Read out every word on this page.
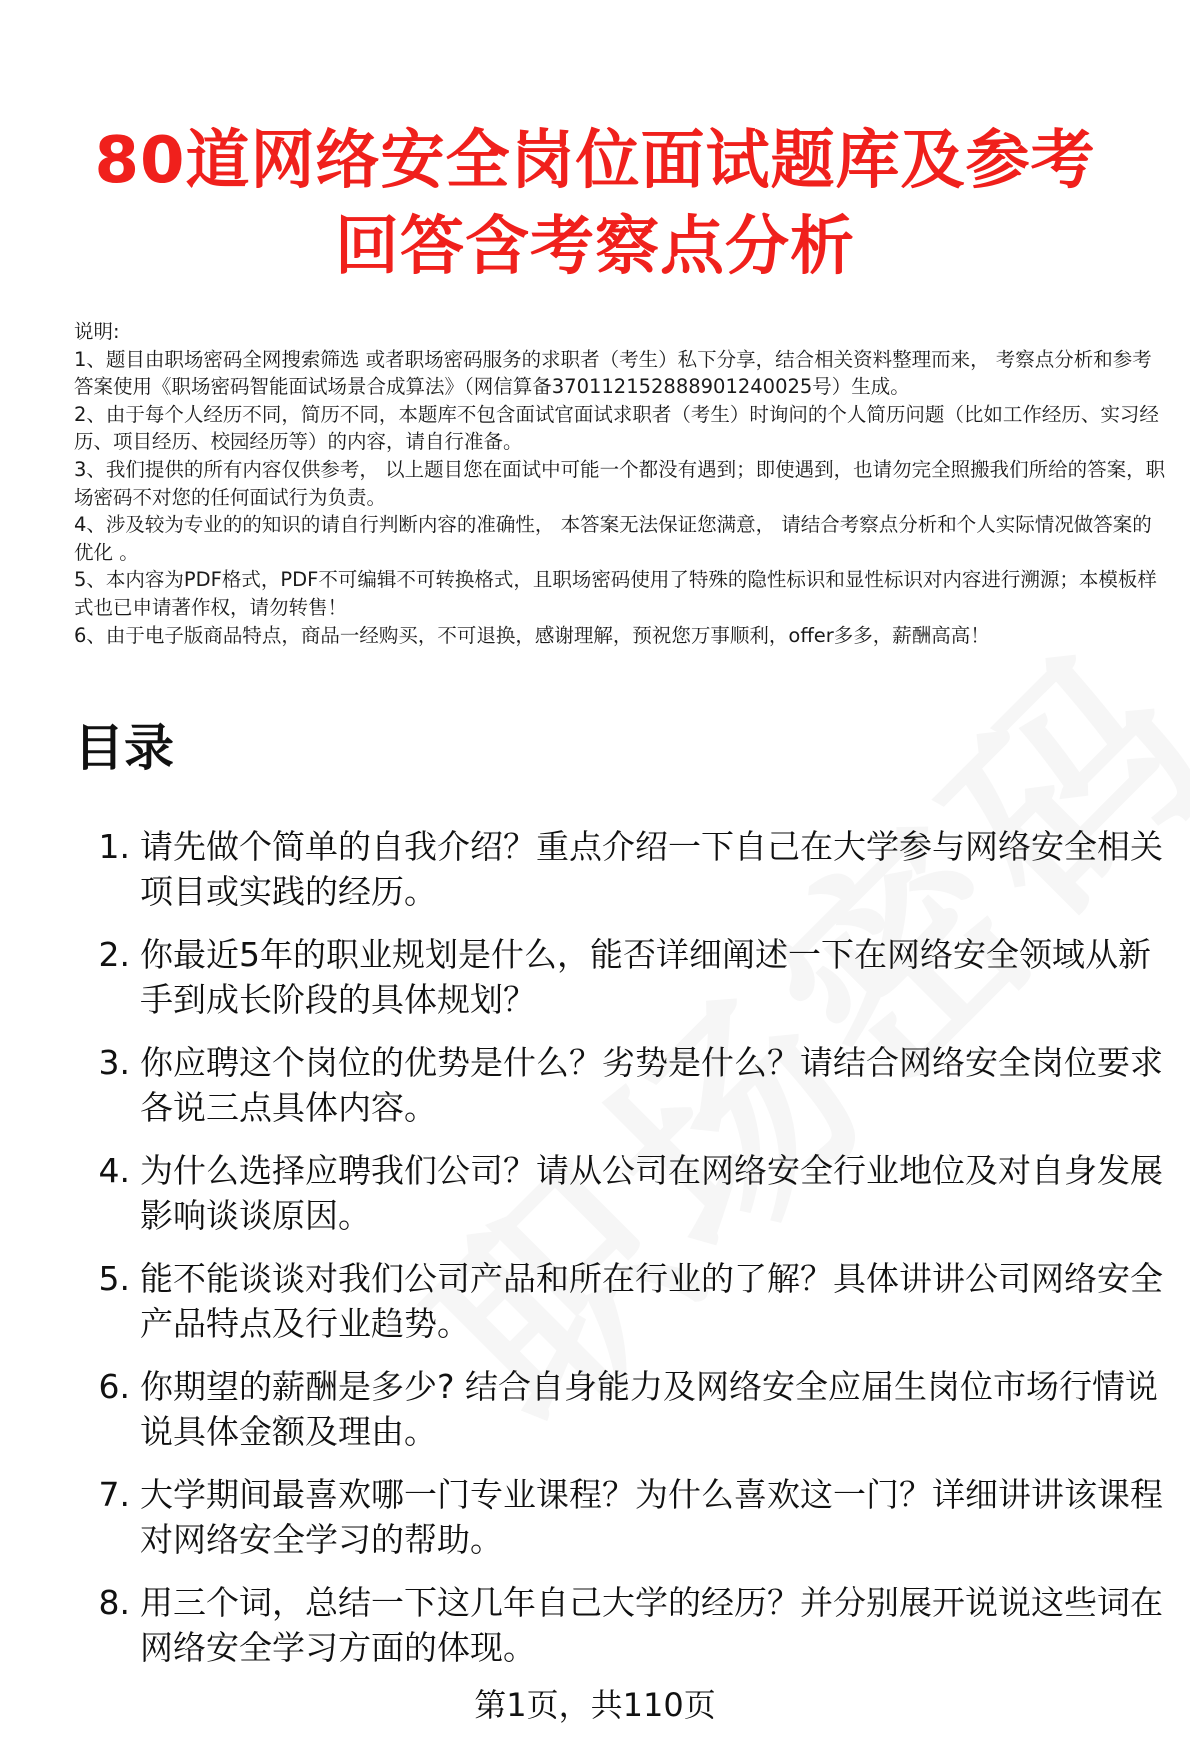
80道网络安全岗位面试题库及参考回答含考察点分析

说明:

1、题目由职场密码全网搜索筛选 或者职场密码服务的求职者（考生）私下分享，结合相关资料整理而来， 考察点分析和参考答案使用《职场密码智能面试场景合成算法》（网信算备370112152888901240025号）生成。

2、由于每个人经历不同，简历不同，本题库不包含面试官面试求职者（考生）时询问的个人简历问题（比如工作经历、实习经历、项目经历、校园经历等）的内容，请自行准备。

3、我们提供的所有内容仅供参考， 以上题目您在面试中可能一个都没有遇到；即使遇到，也请勿完全照搬我们所给的答案，职场密码不对您的任何面试行为负责。

4、涉及较为专业的的知识的请自行判断内容的准确性， 本答案无法保证您满意， 请结合考察点分析和个人实际情况做答案的优化 。

5、本内容为PDF格式，PDF不可编辑不可转换格式，且职场密码使用了特殊的隐性标识和显性标识对内容进行溯源；本模板样式也已申请著作权，请勿转售！

6、由于电子版商品特点，商品一经购买，不可退换，感谢理解，预祝您万事顺利，offer多多，薪酬高高！

目录
1. 请先做个简单的自我介绍？重点介绍一下自己在大学参与网络安全相关项目或实践的经历。
2. 你最近5年的职业规划是什么，能否详细阐述一下在网络安全领域从新手到成长阶段的具体规划？
3. 你应聘这个岗位的优势是什么？劣势是什么？请结合网络安全岗位要求各说三点具体内容。
4. 为什么选择应聘我们公司？请从公司在网络安全行业地位及对自身发展影响谈谈原因。
5. 能不能谈谈对我们公司产品和所在行业的了解？具体讲讲公司网络安全产品特点及行业趋势。
6. 你期望的薪酬是多少? 结合自身能力及网络安全应届生岗位市场行情说说具体金额及理由。
7. 大学期间最喜欢哪一门专业课程？为什么喜欢这一门？详细讲讲该课程对网络安全学习的帮助。
8. 用三个词，总结一下这几年自己大学的经历？并分别展开说说这些词在网络安全学习方面的体现。
第1页，共110页
